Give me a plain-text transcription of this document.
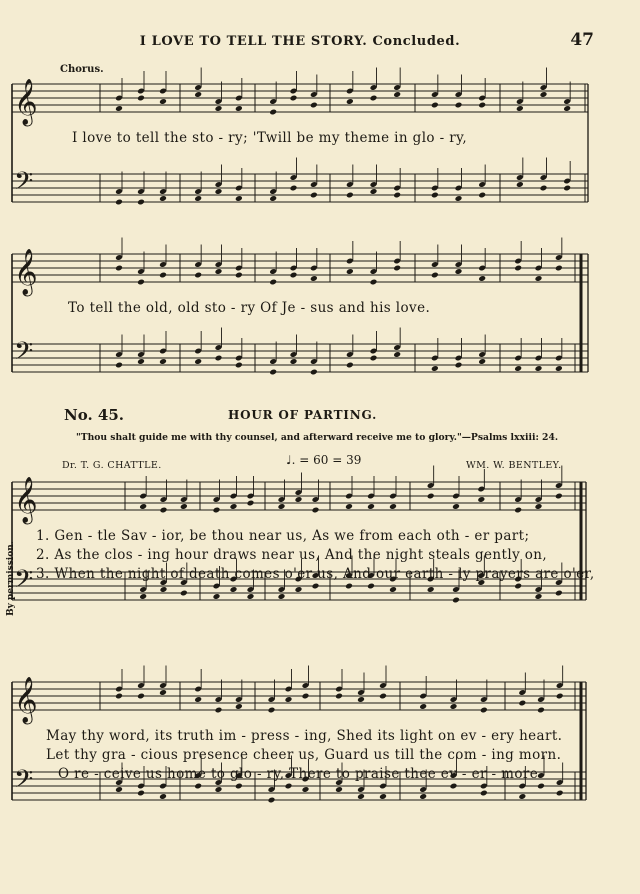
I LOVE TO TELL THE STORY. Concluded.	47
𝄞
𝄢
𝄞
𝄢
𝄞
𝄢
𝄞
𝄢
Chorus.
I love to tell the sto - ry; 'Twill be my theme in glo - ry,
To tell the old, old sto - ry Of Je - sus and his love.
No. 45.	HOUR OF PARTING.
"Thou shalt guide me with thy counsel, and afterward receive me to glory."—Psalms lxxiii: 24.
Dr. T. G. CHATTLE.	♩. = 60 = 39	WM. W. BENTLEY.
By permission.
1. Gen - tle Sav - ior, be thou near us, As we from each oth - er part;
2. As the clos - ing hour draws near us, And the night steals gently on,
3. When the night of death comes o'er us, And our earth - ly prayers are o'er,
May thy word, its truth im - press - ing, Shed its light on ev - ery heart.
Let thy gra - cious presence cheer us, Guard us till the com - ing morn.
O re - ceive us home to glo - ry, There to praise thee ev - er - more.
